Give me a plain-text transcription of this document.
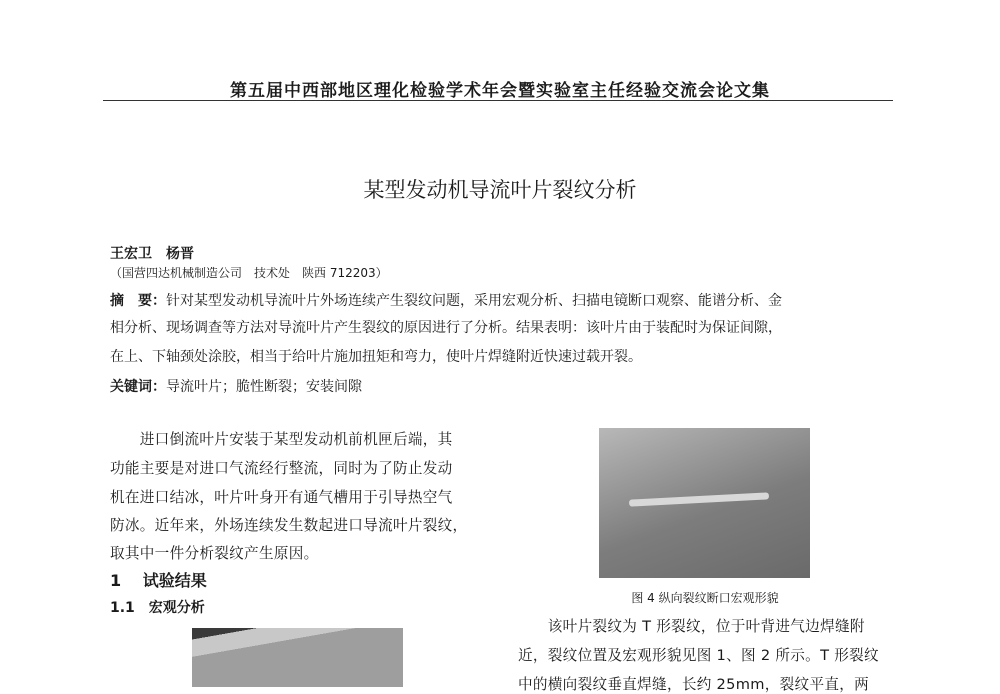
第五届中西部地区理化检验学术年会暨实验室主任经验交流会论文集
某型发动机导流叶片裂纹分析
王宏卫　杨晋
（国营四达机械制造公司　技术处　陕西 712203）
摘　要：针对某型发动机导流叶片外场连续产生裂纹问题，采用宏观分析、扫描电镜断口观察、能谱分析、金
相分析、现场调查等方法对导流叶片产生裂纹的原因进行了分析。结果表明：该叶片由于装配时为保证间隙，
在上、下轴颈处涂胶，相当于给叶片施加扭矩和弯力，使叶片焊缝附近快速过载开裂。
关键词：导流叶片；脆性断裂；安装间隙
　　进口倒流叶片安装于某型发动机前机匣后端，其
功能主要是对进口气流经行整流，同时为了防止发动
机在进口结冰，叶片叶身开有通气槽用于引导热空气
防冰。近年来，外场连续发生数起进口导流叶片裂纹，
取其中一件分析裂纹产生原因。
1　 试验结果
1.1　宏观分析
图 4 纵向裂纹断口宏观形貌
　　该叶片裂纹为 T 形裂纹，位于叶背进气边焊缝附
近，裂纹位置及宏观形貌见图 1、图 2 所示。T 形裂纹
中的横向裂纹垂直焊缝，长约 25mm，裂纹平直，两
